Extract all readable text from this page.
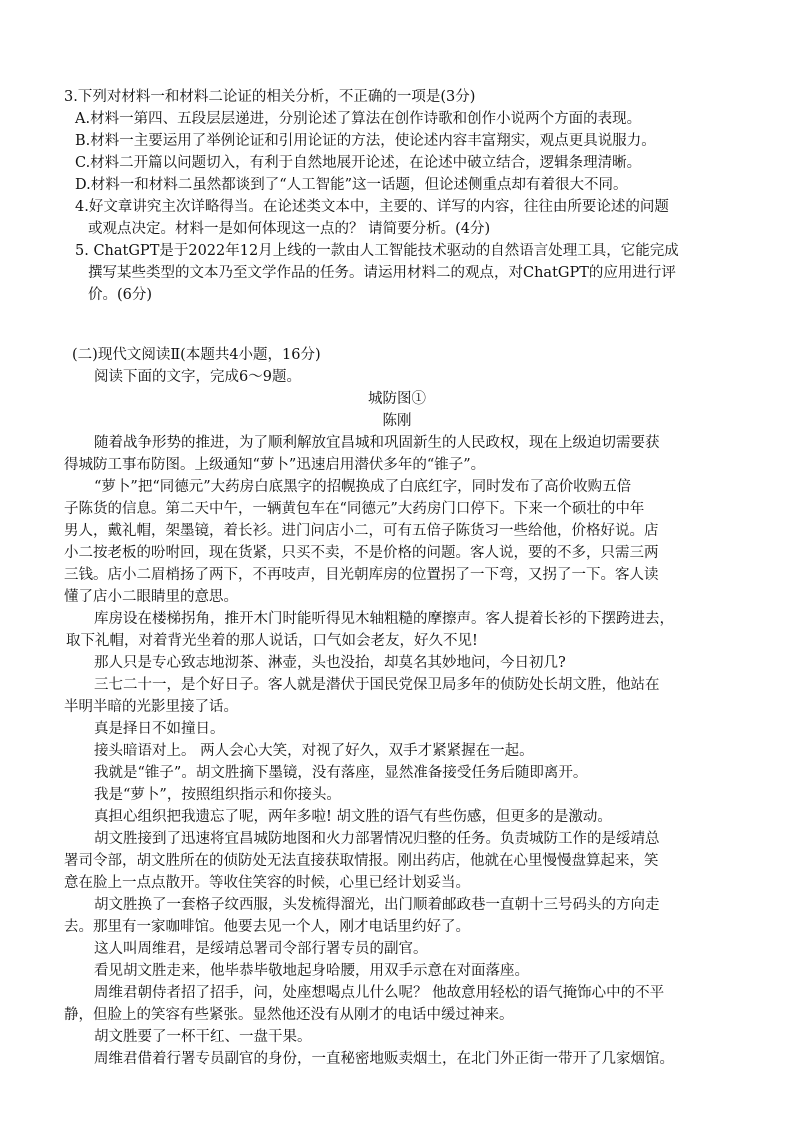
3.下列对材料一和材料二论证的相关分析，不正确的一项是(3分)
A.材料一第四、五段层层递进，分别论述了算法在创作诗歌和创作小说两个方面的表现。
B.材料一主要运用了举例论证和引用论证的方法，使论述内容丰富翔实，观点更具说服力。
C.材料二开篇以问题切入，有利于自然地展开论述，在论述中破立结合，逻辑条理清晰。
D.材料一和材料二虽然都谈到了“人工智能”这一话题，但论述侧重点却有着很大不同。
4.好文章讲究主次详略得当。在论述类文本中，主要的、详写的内容，往往由所要论述的问题
或观点决定。材料一是如何体现这一点的？ 请简要分析。(4分)
5. ChatGPT是于2022年12月上线的一款由人工智能技术驱动的自然语言处理工具，它能完成
撰写某些类型的文本乃至文学作品的任务。请运用材料二的观点，对ChatGPT的应用进行评
价。(6分)
(二)现代文阅读Ⅱ(本题共4小题，16分)
阅读下面的文字，完成6～9题。
城防图①
陈刚
随着战争形势的推进，为了顺利解放宜昌城和巩固新生的人民政权，现在上级迫切需要获
得城防工事布防图。上级通知“萝卜”迅速启用潜伏多年的“锥子”。
“萝卜”把“同德元”大药房白底黑字的招幌换成了白底红字，同时发布了高价收购五倍
子陈货的信息。第二天中午，一辆黄包车在“同德元”大药房门口停下。下来一个硕壮的中年
男人，戴礼帽，架墨镜，着长衫。进门问店小二，可有五倍子陈货习一些给他，价格好说。店
小二按老板的吩咐回，现在货紧，只买不卖，不是价格的问题。客人说，要的不多，只需三两
三钱。店小二眉梢扬了两下，不再吱声，目光朝库房的位置拐了一下弯，又拐了一下。客人读
懂了店小二眼睛里的意思。
库房设在楼梯拐角，推开木门时能听得见木轴粗糙的摩擦声。客人提着长衫的下摆跨进去，
取下礼帽，对着背光坐着的那人说话，口气如会老友，好久不见!
那人只是专心致志地沏茶、淋壶，头也没抬，却莫名其妙地问，今日初几?
三七二十一，是个好日子。客人就是潜伏于国民党保卫局多年的侦防处长胡文胜，他站在
半明半暗的光影里接了话。
真是择日不如撞日。
接头暗语对上。 两人会心大笑，对视了好久，双手才紧紧握在一起。
我就是“锥子”。胡文胜摘下墨镜，没有落座，显然准备接受任务后随即离开。
我是“萝卜”，按照组织指示和你接头。
真担心组织把我遗忘了呢，两年多啦! 胡文胜的语气有些伤感，但更多的是激动。
胡文胜接到了迅速将宜昌城防地图和火力部署情况归整的任务。负责城防工作的是绥靖总
署司令部，胡文胜所在的侦防处无法直接获取情报。刚出药店，他就在心里慢慢盘算起来，笑
意在脸上一点点散开。等收住笑容的时候，心里已经计划妥当。
胡文胜换了一套格子纹西服，头发梳得溜光，出门顺着邮政巷一直朝十三号码头的方向走
去。那里有一家咖啡馆。他要去见一个人，刚才电话里约好了。
这人叫周维君，是绥靖总署司令部行署专员的副官。
看见胡文胜走来，他毕恭毕敬地起身哈腰，用双手示意在对面落座。
周维君朝侍者招了招手，问，处座想喝点儿什么呢？ 他故意用轻松的语气掩饰心中的不平
静，但脸上的笑容有些紧张。显然他还没有从刚才的电话中缓过神来。
胡文胜要了一杯干红、一盘干果。
周维君借着行署专员副官的身份，一直秘密地贩卖烟土，在北门外正街一带开了几家烟馆。
